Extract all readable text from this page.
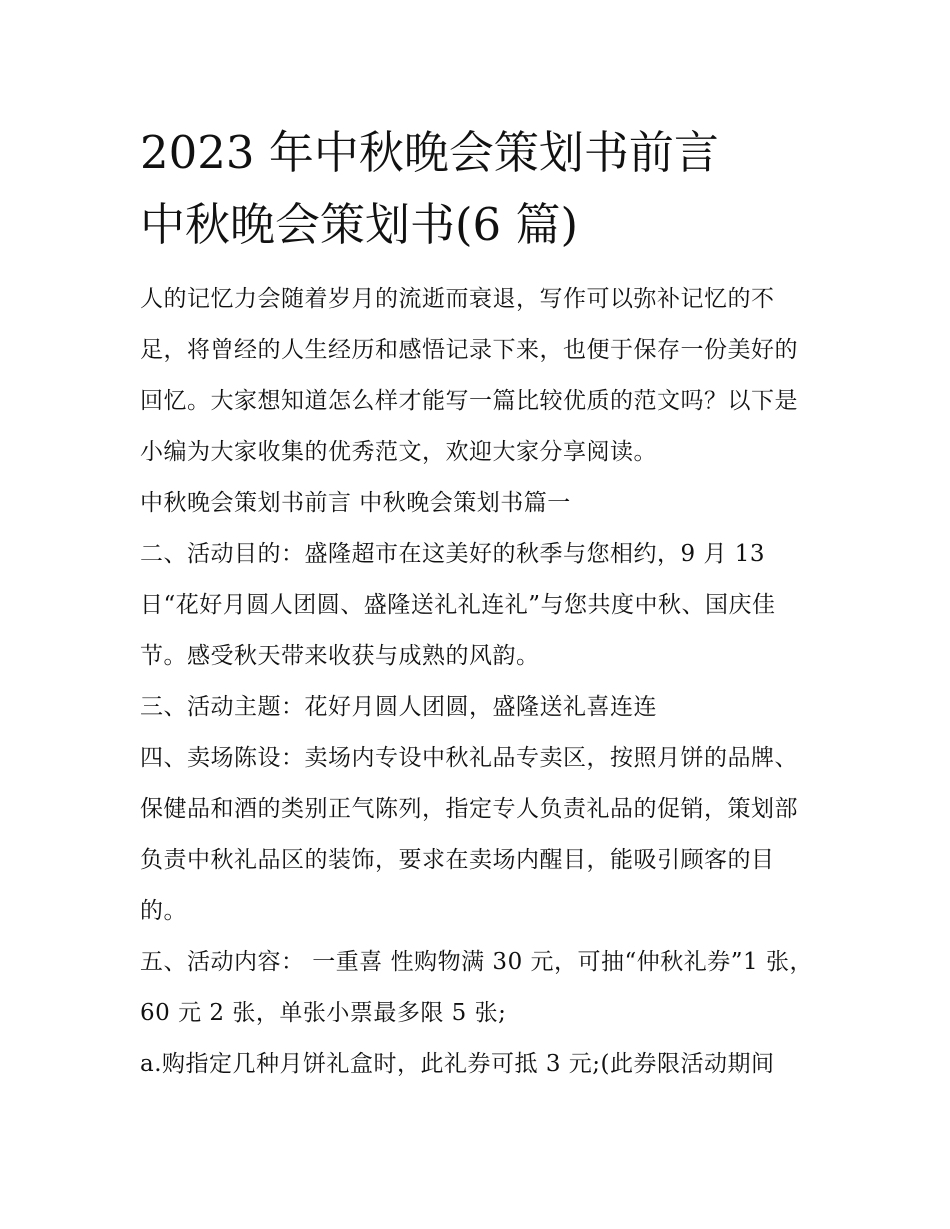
2023 年中秋晚会策划书前言
中秋晚会策划书(6 篇)

人的记忆力会随着岁月的流逝而衰退，写作可以弥补记忆的不足，将曾经的人生经历和感悟记录下来，也便于保存一份美好的回忆。大家想知道怎么样才能写一篇比较优质的范文吗？以下是小编为大家收集的优秀范文，欢迎大家分享阅读。

中秋晚会策划书前言 中秋晚会策划书篇一

二、活动目的：盛隆超市在这美好的秋季与您相约，9 月 13 日“花好月圆人团圆、盛隆送礼礼连礼”与您共度中秋、国庆佳节。感受秋天带来收获与成熟的风韵。

三、活动主题：花好月圆人团圆，盛隆送礼喜连连

四、卖场陈设：卖场内专设中秋礼品专卖区，按照月饼的品牌、保健品和酒的类别正气陈列，指定专人负责礼品的促销，策划部负责中秋礼品区的装饰，要求在卖场内醒目，能吸引顾客的目的。

五、活动内容： 一重喜 性购物满 30 元，可抽“仲秋礼券”1 张，60 元 2 张，单张小票最多限 5 张;

a.购指定几种月饼礼盒时，此礼券可抵 3 元;(此券限活动期间
